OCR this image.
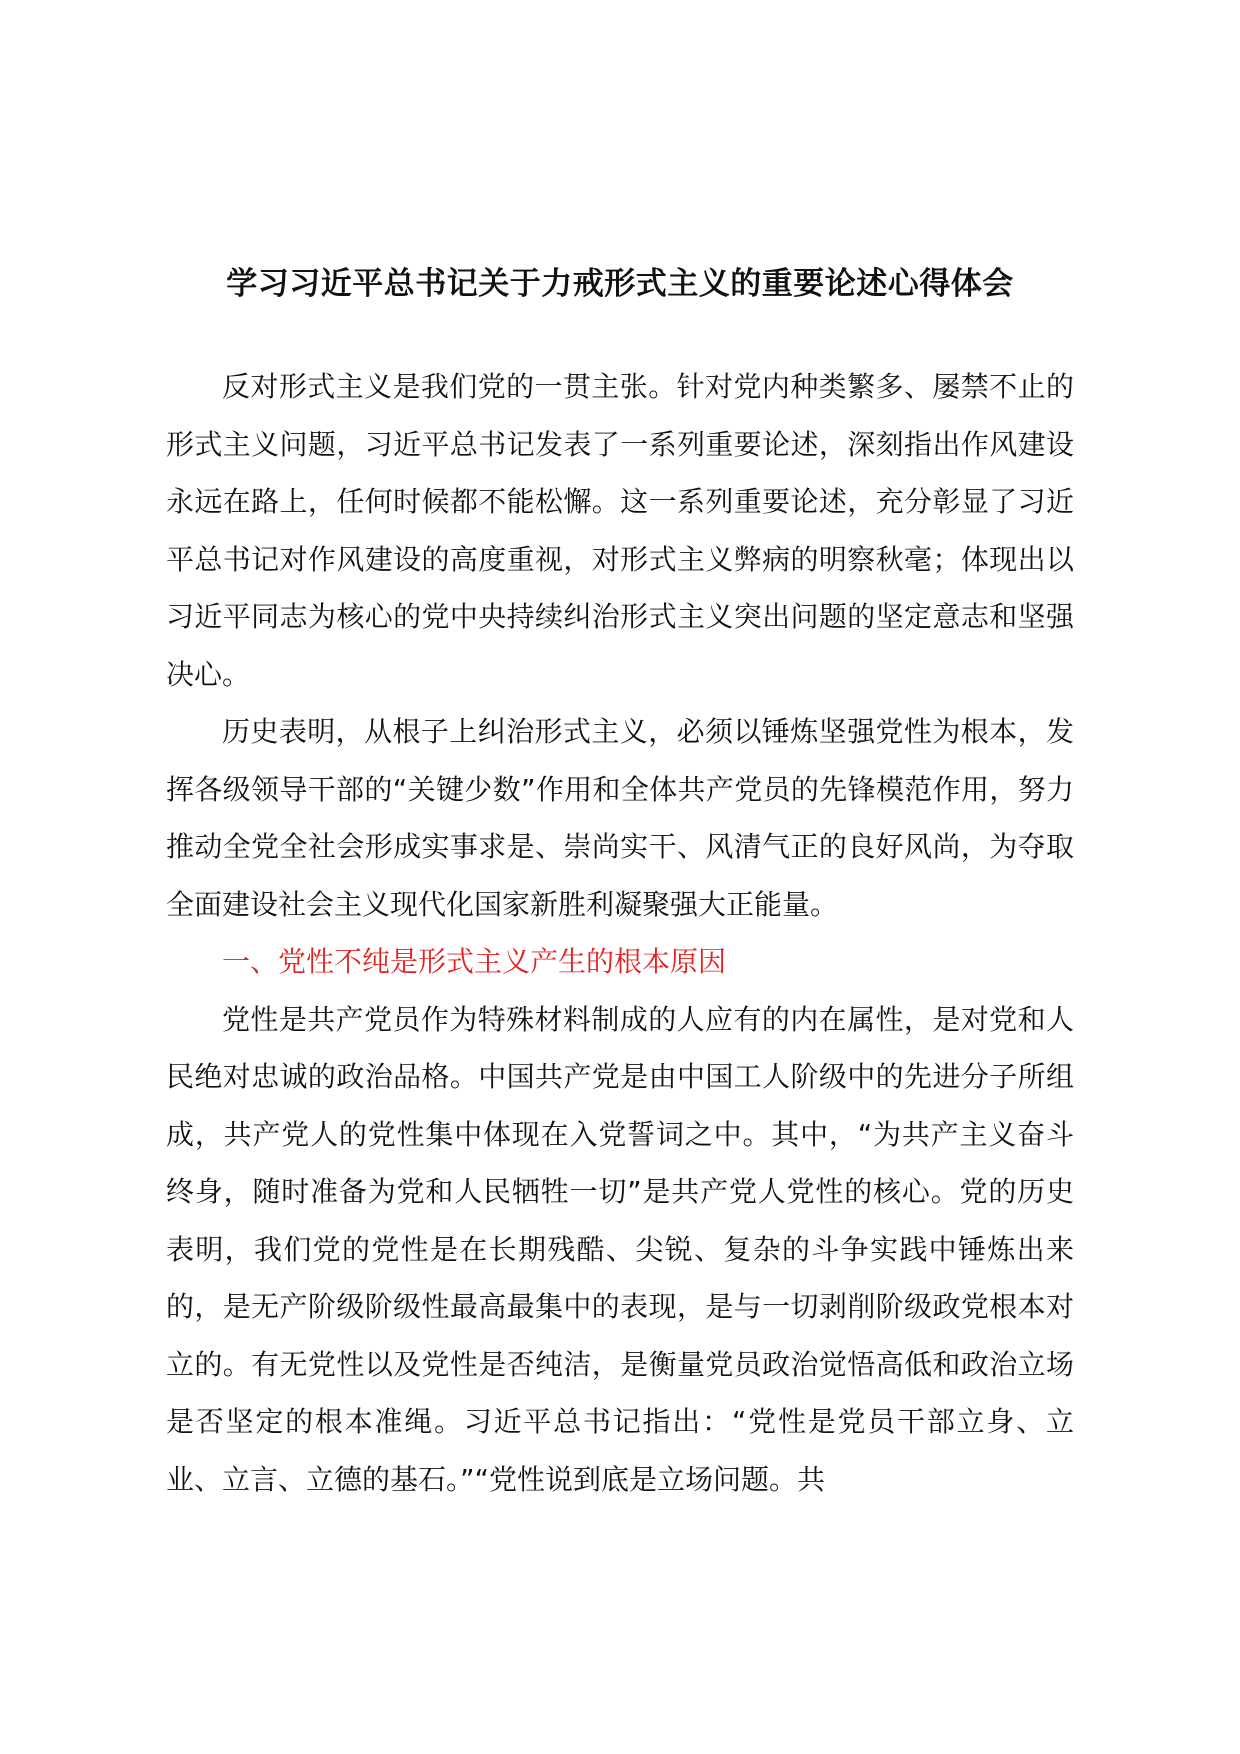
学习习近平总书记关于力戒形式主义的重要论述心得体会

反对形式主义是我们党的一贯主张。针对党内种类繁多、屡禁不止的形式主义问题，习近平总书记发表了一系列重要论述，深刻指出作风建设永远在路上，任何时候都不能松懈。这一系列重要论述，充分彰显了习近平总书记对作风建设的高度重视，对形式主义弊病的明察秋毫；体现出以习近平同志为核心的党中央持续纠治形式主义突出问题的坚定意志和坚强决心。

历史表明，从根子上纠治形式主义，必须以锤炼坚强党性为根本，发挥各级领导干部的“关键少数”作用和全体共产党员的先锋模范作用，努力推动全党全社会形成实事求是、崇尚实干、风清气正的良好风尚，为夺取全面建设社会主义现代化国家新胜利凝聚强大正能量。

一、党性不纯是形式主义产生的根本原因

党性是共产党员作为特殊材料制成的人应有的内在属性，是对党和人民绝对忠诚的政治品格。中国共产党是由中国工人阶级中的先进分子所组成，共产党人的党性集中体现在入党誓词之中。其中，“为共产主义奋斗终身，随时准备为党和人民牺牲一切”是共产党人党性的核心。党的历史表明，我们党的党性是在长期残酷、尖锐、复杂的斗争实践中锤炼出来的，是无产阶级阶级性最高最集中的表现，是与一切剥削阶级政党根本对立的。有无党性以及党性是否纯洁，是衡量党员政治觉悟高低和政治立场是否坚定的根本准绳。习近平总书记指出：“党性是党员干部立身、立业、立言、立德的基石。”“党性说到底是立场问题。共
